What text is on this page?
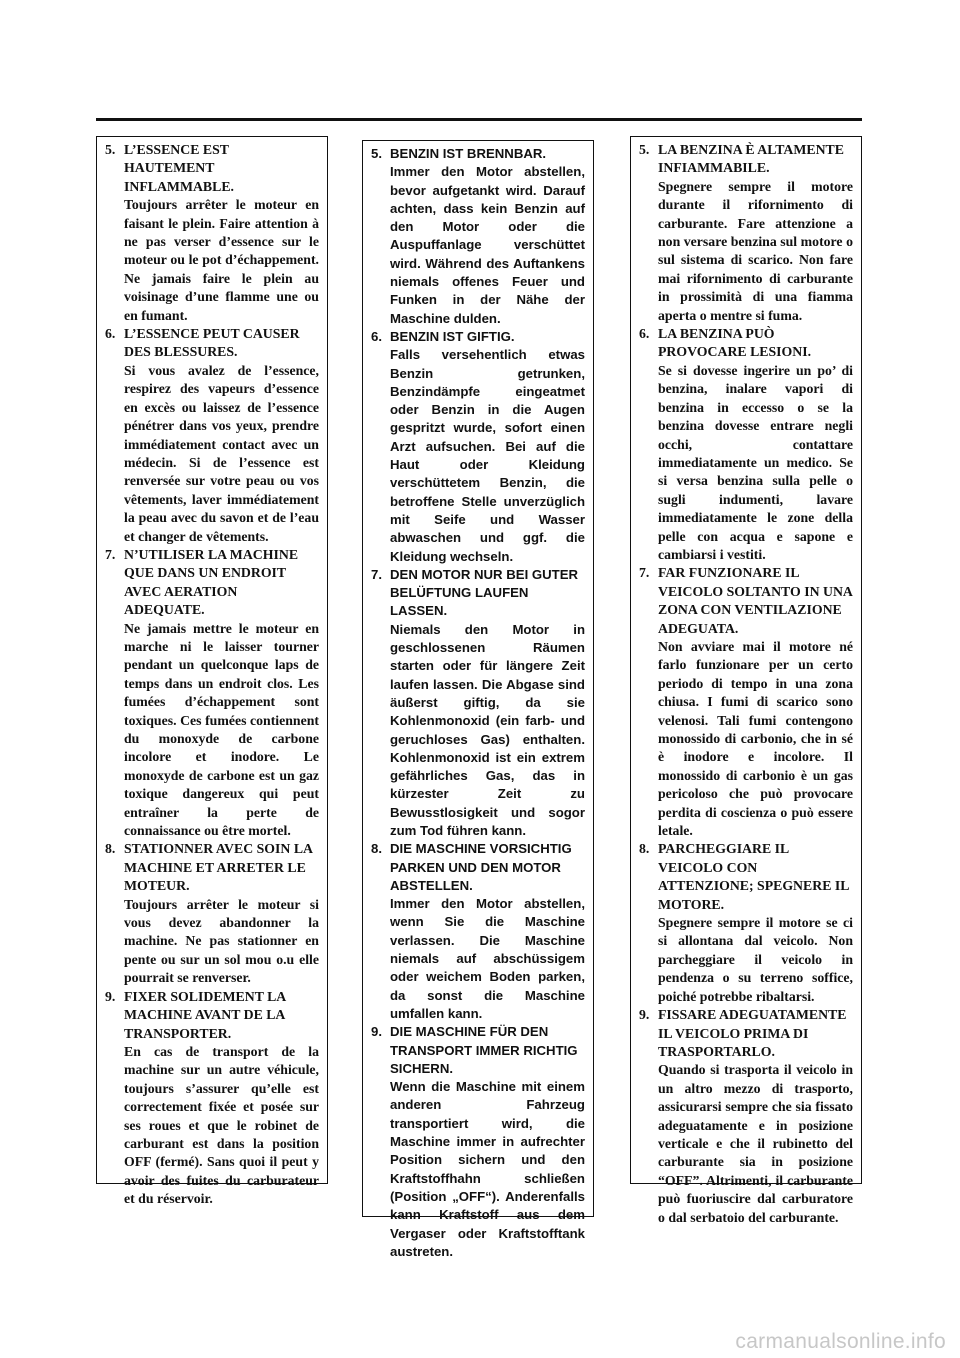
5. L’ESSENCE EST HAUTEMENT INFLAMMABLE.
Toujours arrêter le moteur en faisant le plein. Faire attention à ne pas verser d’essence sur le moteur ou le pot d’échappement. Ne jamais faire le plein au voisinage d’une flamme une ou en fumant.
6. L’ESSENCE PEUT CAUSER DES BLESSURES.
Si vous avalez de l’essence, respirez des vapeurs d’essence en excès ou laissez de l’essence pénétrer dans vos yeux, prendre immédiatement contact avec un médecin. Si de l’essence est renversée sur votre peau ou vos vêtements, laver immédiatement la peau avec du savon et de l’eau et changer de vêtements.
7. N’UTILISER LA MACHINE QUE DANS UN ENDROIT AVEC AERATION ADEQUATE.
Ne jamais mettre le moteur en marche ni le laisser tourner pendant un quelconque laps de temps dans un endroit clos. Les fumées d’échappement sont toxiques. Ces fumées contiennent du monoxyde de carbone incolore et inodore. Le monoxyde de carbone est un gaz toxique dangereux qui peut entraîner la perte de connaissance ou être mortel.
8. STATIONNER AVEC SOIN LA MACHINE ET ARRETER LE MOTEUR.
Toujours arrêter le moteur si vous devez abandonner la machine. Ne pas stationner en pente ou sur un sol mou o.u elle pourrait se renverser.
9. FIXER SOLIDEMENT LA MACHINE AVANT DE LA TRANSPORTER.
En cas de transport de la machine sur un autre véhicule, toujours s’assurer qu’elle est correctement fixée et posée sur ses roues et que le robinet de carburant est dans la position OFF (fermé). Sans quoi il peut y avoir des fuites du carburateur et du réservoir.
5. BENZIN IST BRENNBAR.
Immer den Motor abstellen, bevor aufgetankt wird. Darauf achten, dass kein Benzin auf den Motor oder die Auspuffanlage verschüttet wird. Während des Auftankens niemals offenes Feuer und Funken in der Nähe der Maschine dulden.
6. BENZIN IST GIFTIG.
Falls versehentlich etwas Benzin getrunken, Benzindämpfe eingeatmet oder Benzin in die Augen gespritzt wurde, sofort einen Arzt aufsuchen. Bei auf die Haut oder Kleidung verschüttetem Benzin, die betroffene Stelle unverzüglich mit Seife und Wasser abwaschen und ggf. die Kleidung wechseln.
7. DEN MOTOR NUR BEI GUTER BELÜFTUNG LAUFEN LASSEN.
Niemals den Motor in geschlossenen Räumen starten oder für längere Zeit laufen lassen. Die Abgase sind äußerst giftig, da sie Kohlenmonoxid (ein farb- und geruchloses Gas) enthalten. Kohlenmonoxid ist ein extrem gefährliches Gas, das in kürzester Zeit zu Bewusstlosigkeit und sogor zum Tod führen kann.
8. DIE MASCHINE VORSICHTIG PARKEN UND DEN MOTOR ABSTELLEN.
Immer den Motor abstellen, wenn Sie die Maschine verlassen. Die Maschine niemals auf abschüssigem oder weichem Boden parken, da sonst die Maschine umfallen kann.
9. DIE MASCHINE FÜR DEN TRANSPORT IMMER RICHTIG SICHERN.
Wenn die Maschine mit einem anderen Fahrzeug transportiert wird, die Maschine immer in aufrechter Position sichern und den Kraftstoffhahn schließen (Position „OFF“). Anderenfalls kann Kraftstoff aus dem Vergaser oder Kraftstofftank austreten.
5. LA BENZINA È ALTAMENTE INFIAMMABILE.
Spegnere sempre il motore durante il rifornimento di carburante. Fare attenzione a non versare benzina sul motore o sul sistema di scarico. Non fare mai rifornimento di carburante in prossimità di una fiamma aperta o mentre si fuma.
6. LA BENZINA PUÒ PROVOCARE LESIONI.
Se si dovesse ingerire un po’ di benzina, inalare vapori di benzina in eccesso o se la benzina dovesse entrare negli occhi, contattare immediatamente un medico. Se si versa benzina sulla pelle o sugli indumenti, lavare immediatamente le zone della pelle con acqua e sapone e cambiarsi i vestiti.
7. FAR FUNZIONARE IL VEICOLO SOLTANTO IN UNA ZONA CON VENTILAZIONE ADEGUATA.
Non avviare mai il motore né farlo funzionare per un certo periodo di tempo in una zona chiusa. I fumi di scarico sono velenosi. Tali fumi contengono monossido di carbonio, che in sé è inodore e incolore. Il monossido di carbonio è un gas pericoloso che può provocare perdita di coscienza o può essere letale.
8. PARCHEGGIARE IL VEICOLO CON ATTENZIONE; SPEGNERE IL MOTORE.
Spegnere sempre il motore se ci si allontana dal veicolo. Non parcheggiare il veicolo in pendenza o su terreno soffice, poiché potrebbe ribaltarsi.
9. FISSARE ADEGUATAMENTE IL VEICOLO PRIMA DI TRASPORTARLO.
Quando si trasporta il veicolo in un altro mezzo di trasporto, assicurarsi sempre che sia fissato adeguatamente e in posizione verticale e che il rubinetto del carburante sia in posizione “OFF”. Altrimenti, il carburante può fuoriuscire dal carburatore o dal serbatoio del carburante.
carmanualsonline.info
